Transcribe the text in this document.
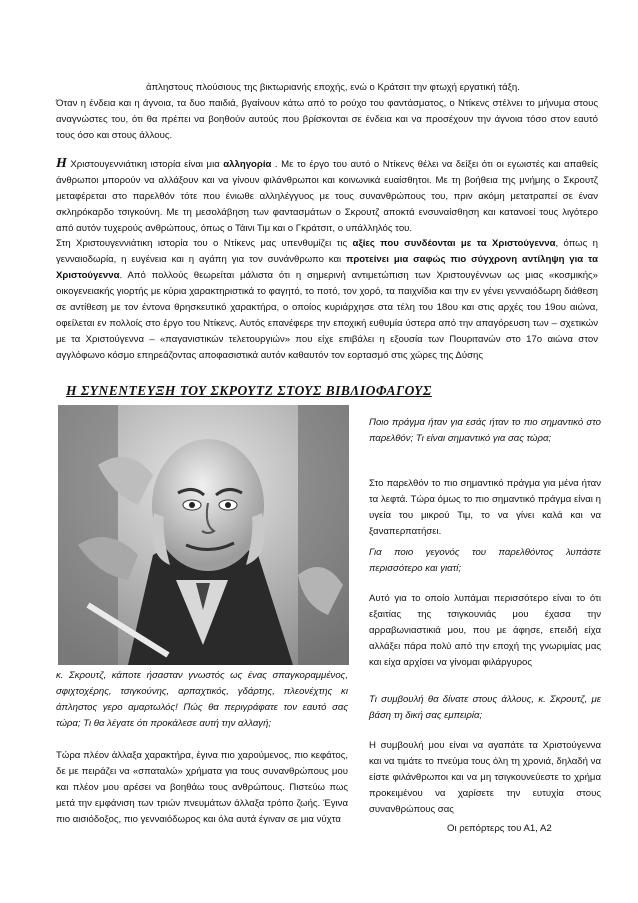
άπληστους πλούσιους της βικτωριανής εποχής, ενώ ο Κράτσιτ την φτωχή εργατική τάξη.

Όταν η ένδεια και η άγνοια, τα δυο παιδιά, βγαίνουν κάτω από το ρούχο του φαντάσματος, ο Ντίκενς στέλνει το μήνυμα στους αναγνώστες του, ότι θα πρέπει να βοηθούν αυτούς που βρίσκονται σε ένδεια και να προσέχουν την άγνοια τόσο στον εαυτό τους όσο και στους άλλους.

Η Χριστουγεννιάτικη ιστορία είναι μια αλληγορία . Με το έργο του αυτό ο Ντίκενς θέλει να δείξει ότι οι εγωιστές και απαθείς άνθρωποι μπορούν να αλλάξουν και να γίνουν φιλάνθρωποι και κοινωνικά ευαίσθητοι. Με τη βοήθεια της μνήμης ο Σκρουτζ μεταφέρεται στο παρελθόν τότε που ένιωθε αλληλέγγυος με τους συνανθρώπους του, πριν ακόμη μετατραπεί σε έναν σκληρόκαρδο τσιγκούνη. Με τη μεσολάβηση των φαντασμάτων ο Σκρουτζ αποκτά ενσυναίσθηση και κατανοεί τους λιγότερο από αυτόν τυχερούς ανθρώπους, όπως ο Τάινι Τιμ και ο Γκράτσιτ, ο υπάλληλός του.

Στη Χριστουγεννιάτικη ιστορία του ο Ντίκενς μας υπενθυμίζει τις αξίες που συνδέονται με τα Χριστούγεννα, όπως η γενναιοδωρία, η ευγένεια και η αγάπη για τον συνάνθρωπο και προτείνει μια σαφώς πιο σύγχρονη αντίληψη για τα Χριστούγεννα. Από πολλούς θεωρείται μάλιστα ότι η σημερινή αντιμετώπιση των Χριστουγέννων ως μιας «κοσμικής» οικογενειακής γιορτής με κύρια χαρακτηριστικά το φαγητό, το ποτό, τον χορό, τα παιχνίδια και την εν γένει γενναιόδωρη διάθεση σε αντίθεση με τον έντονα θρησκευτικό χαρακτήρα, ο οποίος κυριάρχησε στα τέλη του 18ου και στις αρχές του 19ου αιώνα, οφείλεται εν πολλοίς στο έργο του Ντίκενς. Αυτός επανέφερε την εποχική ευθυμία ύστερα από την απαγόρευση των – σχετικών με τα Χριστούγεννα – «παγανιστικών τελετουργιών» που είχε επιβάλει η εξουσία των Πουριτανών στο 17ο αιώνα στον αγγλόφωνο κόσμο επηρεάζοντας αποφασιστικά αυτόν καθαυτόν τον εορτασμό στις χώρες της Δύσης

Η ΣΥΝΕΝΤΕΥΞΗ ΤΟΥ ΣΚΡΟΥΤΖ ΣΤΟΥΣ ΒΙΒΛΙΟΦΑΓΟΥΣ
κ. Σκρουτζ, κάποτε ήσασταν γνωστός ως ένας σπαγκοραμμένος, σφιχτοχέρης, τσιγκούνης, αρπαχτικός, γδάρτης, πλεονέχτης κι άπληστος γερο αμαρτωλός! Πώς θα περιγράφατε τον εαυτό σας τώρα; Τι θα λέγατε ότι προκάλεσε αυτή την αλλαγή;
Τώρα πλέον άλλαξα χαρακτήρα, έγινα πιο χαρούμενος, πιο κεφάτος, δε με πειράζει να «σπαταλώ» χρήματα για τους συνανθρώπους μου και πλέον μου αρέσει να βοηθάω τους ανθρώπους. Πιστεύω πως μετά την εμφάνιση των τριών πνευμάτων άλλαξα τρόπο ζωής. Έγινα πιο αισιόδοξος, πιο γενναιόδωρος και όλα αυτά έγιναν σε μια νύχτα
Ποιο πράγμα ήταν για εσάς ήταν το πιο σημαντικό στο παρελθόν; Τι είναι σημαντικό για σας τώρα;
Στο παρελθόν το πιο σημαντικό πράγμα για μένα ήταν τα λεφτά. Τώρα όμως το πιο σημαντικό πράγμα είναι η υγεία του μικρού Τιμ, το να γίνει καλά και να ξαναπερπατήσει.
Για ποιο γεγονός του παρελθόντος λυπάστε περισσότερο και γιατί;
Αυτό για το οποίο λυπάμαι περισσότερο είναι το ότι εξαιτίας της τσιγκουνιάς μου έχασα την αρραβωνιαστικιά μου, που με άφησε, επειδή είχα αλλάξει πάρα πολύ από την εποχή της γνωριμίας μας και είχα αρχίσει να γίνομαι φιλάργυρος
Τι συμβουλή θα δίνατε στους άλλους, κ. Σκρουτζ, με βάση τη δική σας εμπειρία;
Η συμβουλή μου είναι να αγαπάτε τα Χριστούγεννα και να τιμάτε το πνεύμα τους όλη τη χρονιά, δηλαδή να είστε φιλάνθρωποι και να μη τσιγκουνεύεστε το χρήμα προκειμένου να χαρίσετε την ευτυχία στους συνανθρώπους σας
Οι ρεπόρτερς του Α1, Α2
